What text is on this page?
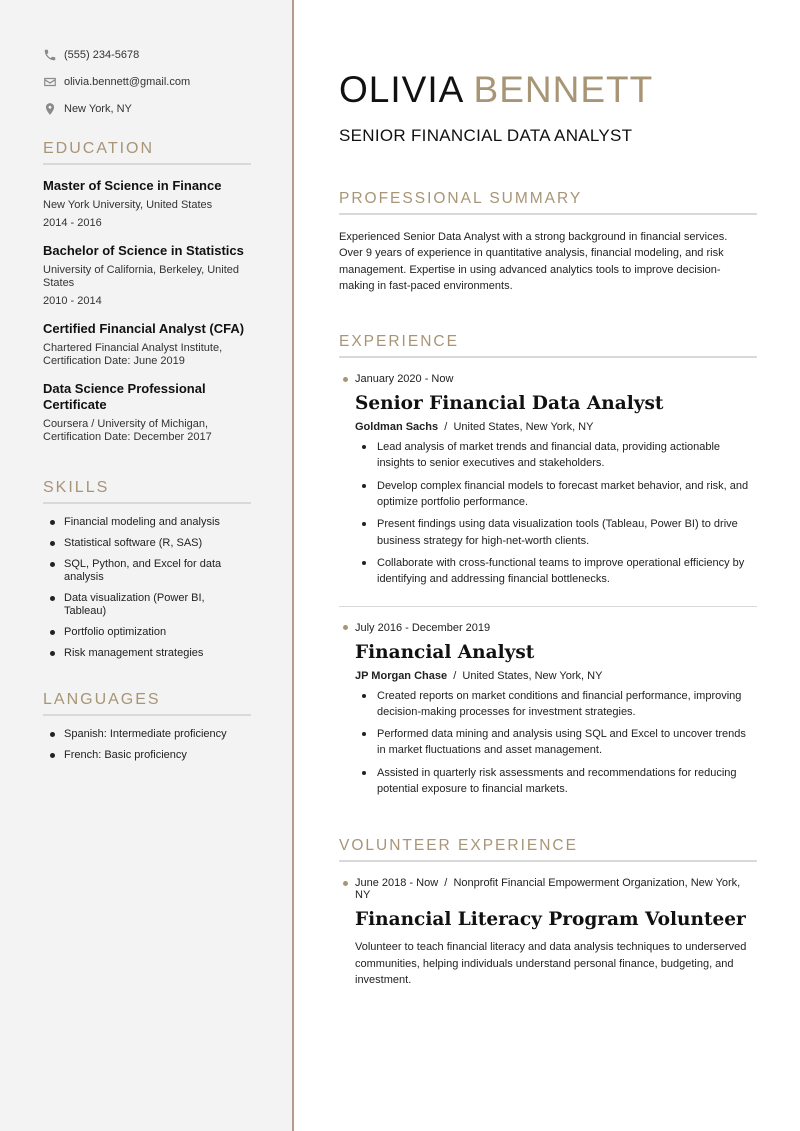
(555) 234-5678
olivia.bennett@gmail.com
New York, NY
EDUCATION
Master of Science in Finance
New York University, United States
2014 - 2016
Bachelor of Science in Statistics
University of California, Berkeley, United States
2010 - 2014
Certified Financial Analyst (CFA)
Chartered Financial Analyst Institute, Certification Date: June 2019
Data Science Professional Certificate
Coursera / University of Michigan, Certification Date: December 2017
SKILLS
Financial modeling and analysis
Statistical software (R, SAS)
SQL, Python, and Excel for data analysis
Data visualization (Power BI, Tableau)
Portfolio optimization
Risk management strategies
LANGUAGES
Spanish: Intermediate proficiency
French: Basic proficiency
OLIVIA BENNETT
SENIOR FINANCIAL DATA ANALYST
PROFESSIONAL SUMMARY

Experienced Senior Data Analyst with a strong background in financial services. Over 9 years of experience in quantitative analysis, financial modeling, and risk management. Expertise in using advanced analytics tools to improve decision-making in fast-paced environments.

EXPERIENCE
January 2020 - Now
Senior Financial Data Analyst
Goldman Sachs / United States, New York, NY
Lead analysis of market trends and financial data, providing actionable insights to senior executives and stakeholders.
Develop complex financial models to forecast market behavior, and risk, and optimize portfolio performance.
Present findings using data visualization tools (Tableau, Power BI) to drive business strategy for high-net-worth clients.
Collaborate with cross-functional teams to improve operational efficiency by identifying and addressing financial bottlenecks.
July 2016 - December 2019
Financial Analyst
JP Morgan Chase / United States, New York, NY
Created reports on market conditions and financial performance, improving decision-making processes for investment strategies.
Performed data mining and analysis using SQL and Excel to uncover trends in market fluctuations and asset management.
Assisted in quarterly risk assessments and recommendations for reducing potential exposure to financial markets.
VOLUNTEER EXPERIENCE
June 2018 - Now / Nonprofit Financial Empowerment Organization, New York, NY
Financial Literacy Program Volunteer

Volunteer to teach financial literacy and data analysis techniques to underserved communities, helping individuals understand personal finance, budgeting, and investment.
